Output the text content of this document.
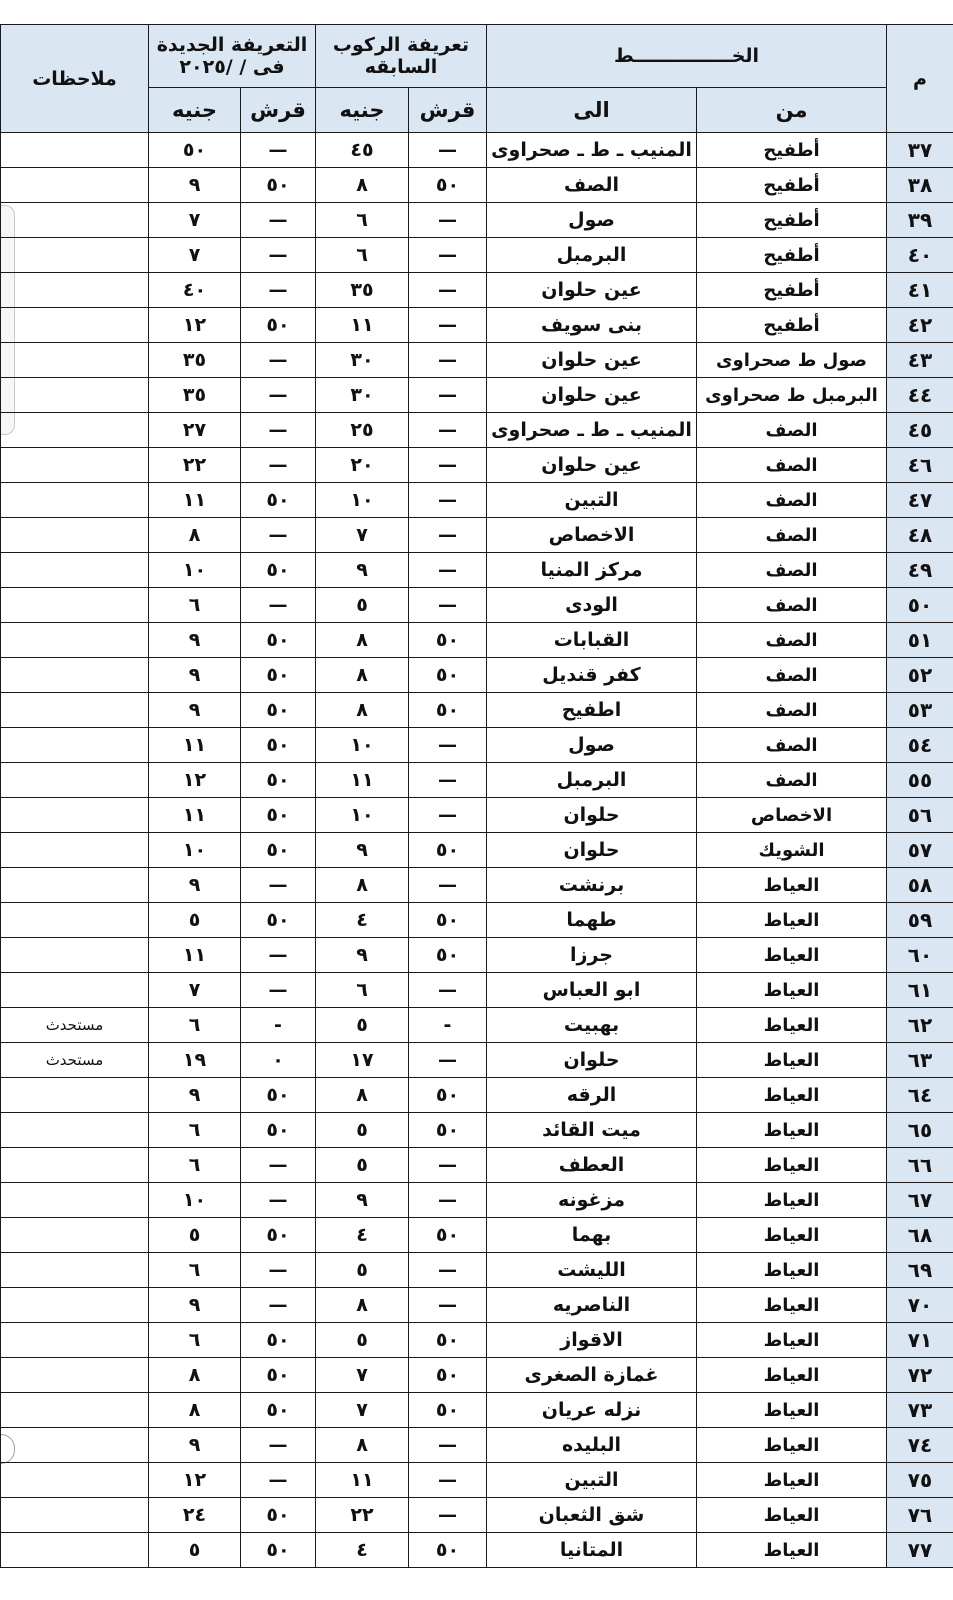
م	الخـــــــــــــــط		تعريفة الركوب السابقه		التعريفة الجديدة فى / /٢٠٢٥		ملاحظات
	من	الى	قرش	جنيه	قرش	جنيه	
٣٧	أطفيح	المنيب ـ ط ـ صحراوى	—	٤٥	—	٥٠	
٣٨	أطفيح	الصف	٥٠	٨	٥٠	٩	
٣٩	أطفيح	صول	—	٦	—	٧	
٤٠	أطفيح	البرمبل	—	٦	—	٧	
٤١	أطفيح	عين حلوان	—	٣٥	—	٤٠	
٤٢	أطفيح	بنى سويف	—	١١	٥٠	١٢	
٤٣	صول ط صحراوى	عين حلوان	—	٣٠	—	٣٥	
٤٤	البرمبل ط صحراوى	عين حلوان	—	٣٠	—	٣٥	
٤٥	الصف	المنيب ـ ط ـ صحراوى	—	٢٥	—	٢٧	
٤٦	الصف	عين حلوان	—	٢٠	—	٢٢	
٤٧	الصف	التبين	—	١٠	٥٠	١١	
٤٨	الصف	الاخصاص	—	٧	—	٨	
٤٩	الصف	مركز المنيا	—	٩	٥٠	١٠	
٥٠	الصف	الودى	—	٥	—	٦	
٥١	الصف	القبابات	٥٠	٨	٥٠	٩	
٥٢	الصف	كفر قنديل	٥٠	٨	٥٠	٩	
٥٣	الصف	اطفيح	٥٠	٨	٥٠	٩	
٥٤	الصف	صول	—	١٠	٥٠	١١	
٥٥	الصف	البرمبل	—	١١	٥٠	١٢	
٥٦	الاخصاص	حلوان	—	١٠	٥٠	١١	
٥٧	الشويك	حلوان	٥٠	٩	٥٠	١٠	
٥٨	العياط	برنشت	—	٨	—	٩	
٥٩	العياط	طهما	٥٠	٤	٥٠	٥	
٦٠	العياط	جرزا	٥٠	٩	—	١١	
٦١	العياط	ابو العباس	—	٦	—	٧	
٦٢	العياط	بهبيت	-	٥	-	٦	مستحدث
٦٣	العياط	حلوان	—	١٧	٠	١٩	مستحدث
٦٤	العياط	الرقه	٥٠	٨	٥٠	٩	
٦٥	العياط	ميت القائد	٥٠	٥	٥٠	٦	
٦٦	العياط	العطف	—	٥	—	٦	
٦٧	العياط	مزغونه	—	٩	—	١٠	
٦٨	العياط	بهما	٥٠	٤	٥٠	٥	
٦٩	العياط	الليشت	—	٥	—	٦	
٧٠	العياط	الناصريه	—	٨	—	٩	
٧١	العياط	الاقواز	٥٠	٥	٥٠	٦	
٧٢	العياط	غمازة الصغرى	٥٠	٧	٥٠	٨	
٧٣	العياط	نزله عريان	٥٠	٧	٥٠	٨	
٧٤	العياط	البليده	—	٨	—	٩	
٧٥	العياط	التبين	—	١١	—	١٢	
٧٦	العياط	شق الثعبان	—	٢٢	٥٠	٢٤	
٧٧	العياط	المتانيا	٥٠	٤	٥٠	٥	
